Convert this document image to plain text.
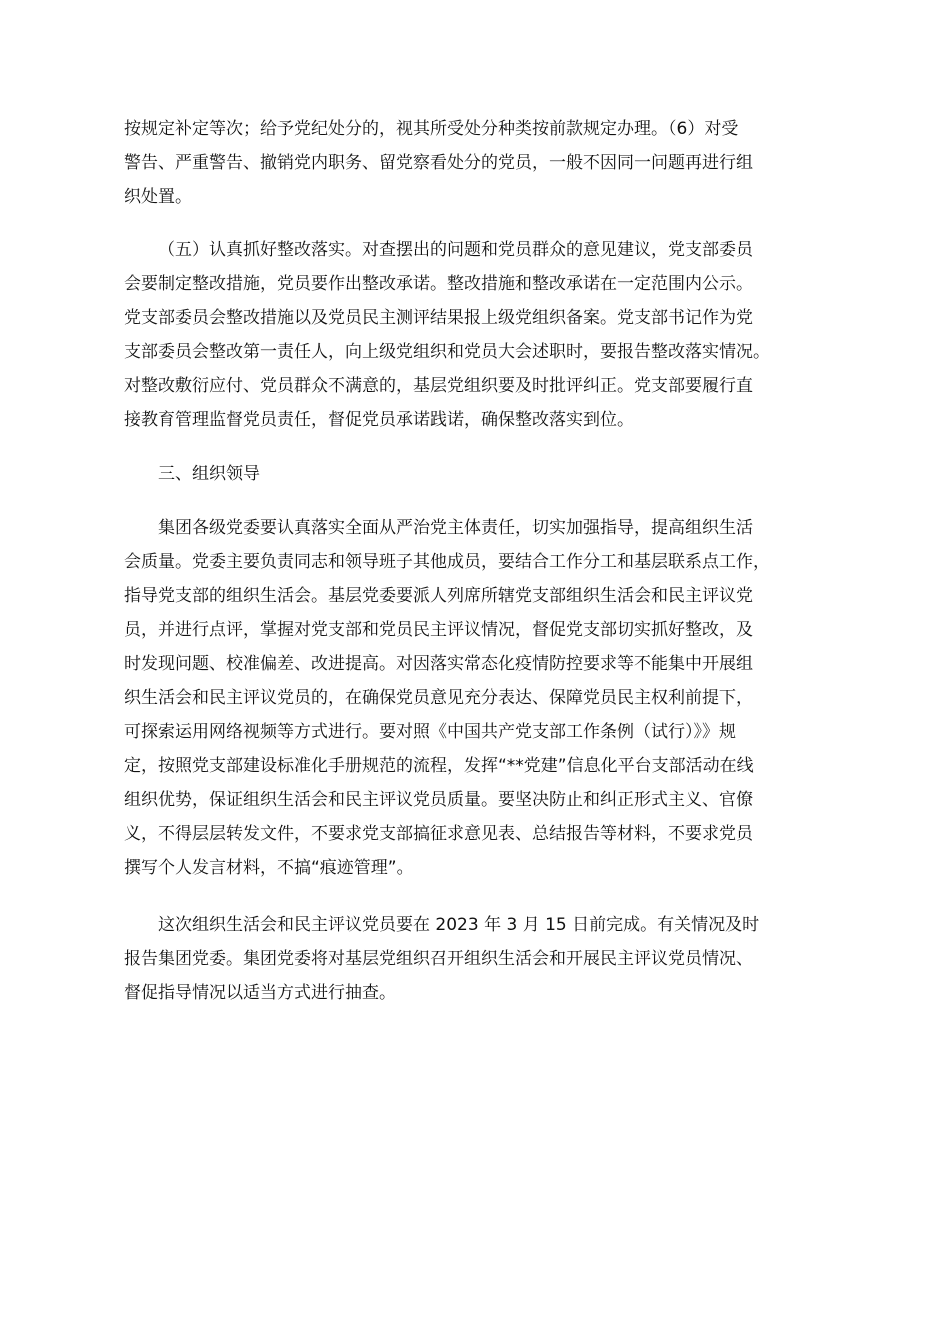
按规定补定等次；给予党纪处分的，视其所受处分种类按前款规定办理。（6）对受
警告、严重警告、撤销党内职务、留党察看处分的党员，一般不因同一问题再进行组
织处置。
（五）认真抓好整改落实。对查摆出的问题和党员群众的意见建议，党支部委员
会要制定整改措施，党员要作出整改承诺。整改措施和整改承诺在一定范围内公示。
党支部委员会整改措施以及党员民主测评结果报上级党组织备案。党支部书记作为党
支部委员会整改第一责任人，向上级党组织和党员大会述职时，要报告整改落实情况。
对整改敷衍应付、党员群众不满意的，基层党组织要及时批评纠正。党支部要履行直
接教育管理监督党员责任，督促党员承诺践诺，确保整改落实到位。
三、组织领导
集团各级党委要认真落实全面从严治党主体责任，切实加强指导，提高组织生活
会质量。党委主要负责同志和领导班子其他成员，要结合工作分工和基层联系点工作，
指导党支部的组织生活会。基层党委要派人列席所辖党支部组织生活会和民主评议党
员，并进行点评，掌握对党支部和党员民主评议情况，督促党支部切实抓好整改，及
时发现问题、校准偏差、改进提高。对因落实常态化疫情防控要求等不能集中开展组
织生活会和民主评议党员的，在确保党员意见充分表达、保障党员民主权利前提下，
可探索运用网络视频等方式进行。要对照《中国共产党支部工作条例（试行）》》规
定，按照党支部建设标准化手册规范的流程，发挥“**党建”信息化平台支部活动在线
组织优势，保证组织生活会和民主评议党员质量。要坚决防止和纠正形式主义、官僚
义，不得层层转发文件，不要求党支部搞征求意见表、总结报告等材料，不要求党员
撰写个人发言材料，不搞“痕迹管理”。
这次组织生活会和民主评议党员要在 2023 年 3 月 15 日前完成。有关情况及时
报告集团党委。集团党委将对基层党组织召开组织生活会和开展民主评议党员情况、
督促指导情况以适当方式进行抽查。
